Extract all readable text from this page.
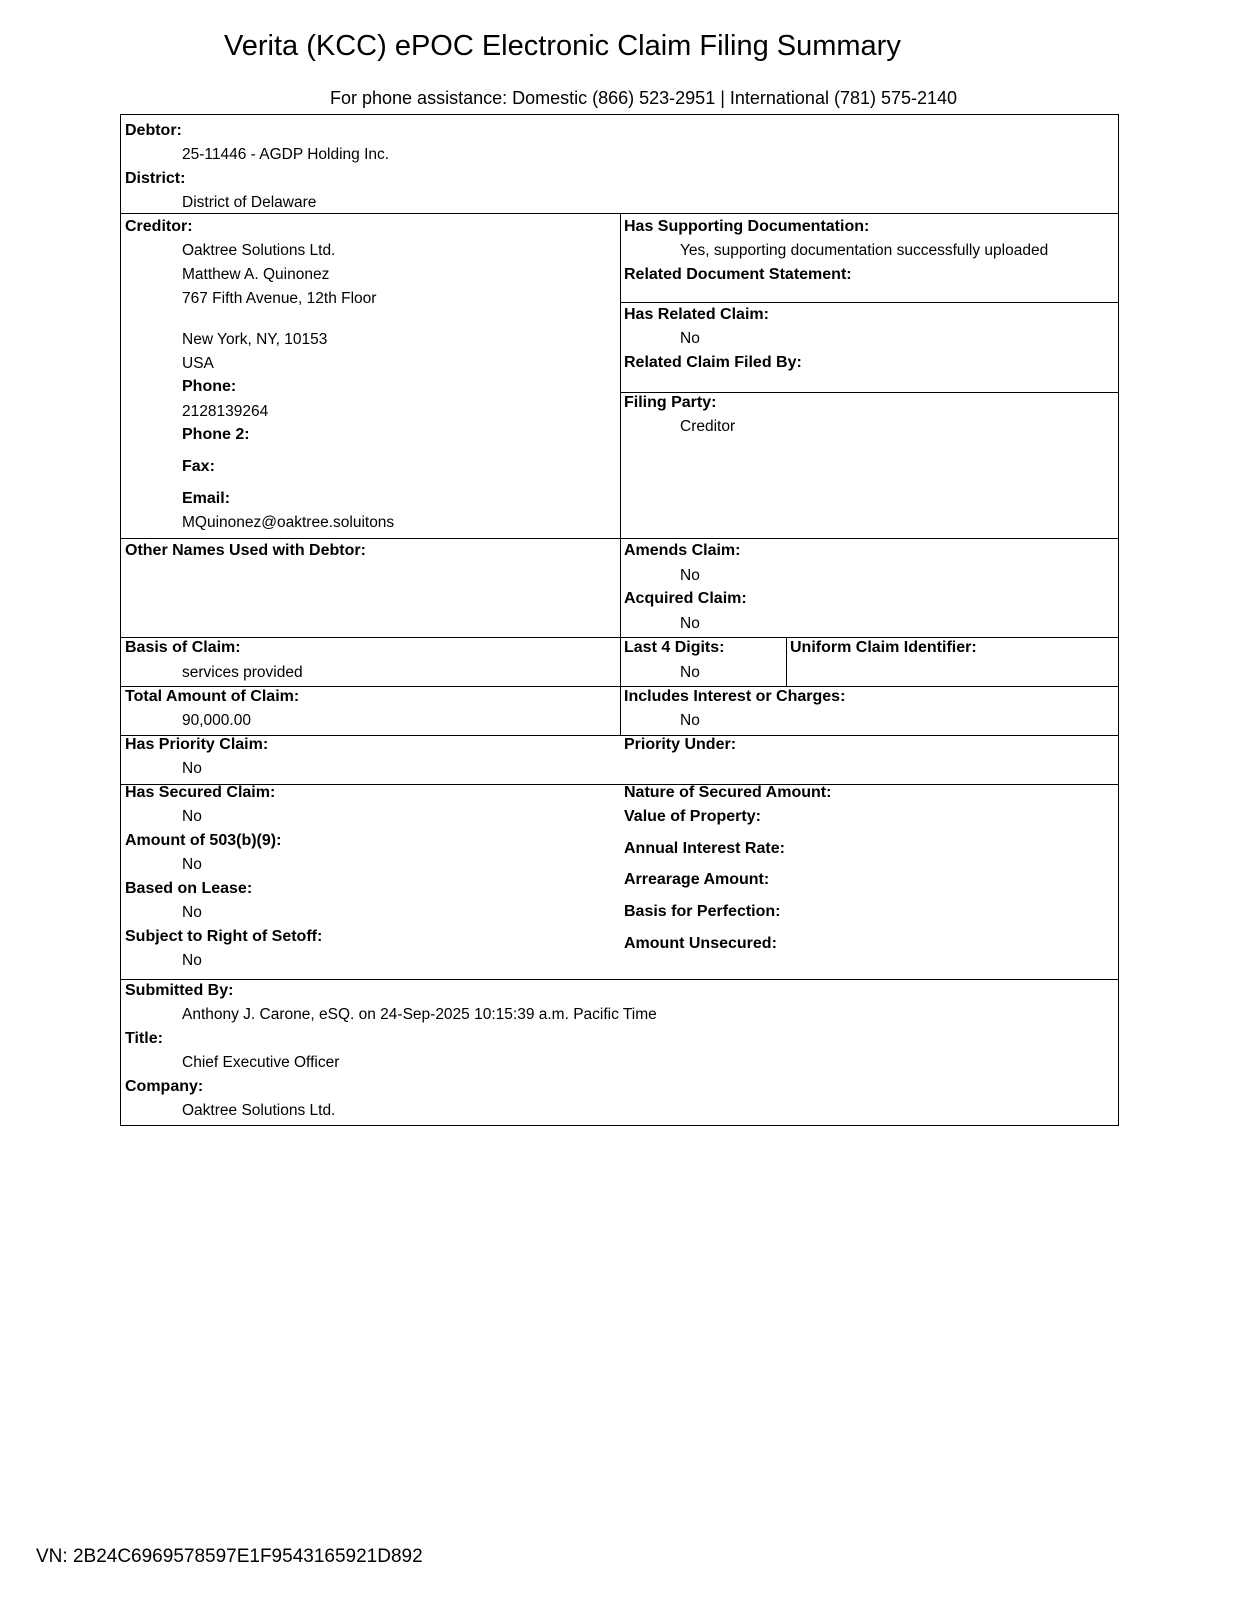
Verita (KCC) ePOC Electronic Claim Filing Summary
For phone assistance: Domestic (866) 523-2951 | International (781) 575-2140
Debtor:
25-11446 - AGDP Holding Inc.
District:
District of Delaware
Creditor:
Oaktree Solutions Ltd.
Matthew A. Quinonez
767 Fifth Avenue, 12th Floor
New York, NY, 10153
USA
Phone:
2128139264
Phone 2:
Fax:
Email:
MQuinonez@oaktree.soluitons
Has Supporting Documentation:
Yes, supporting documentation successfully uploaded
Related Document Statement:
Has Related Claim:
No
Related Claim Filed By:
Filing Party:
Creditor
Other Names Used with Debtor:	Amends Claim:
No
Acquired Claim:
No
Basis of Claim:
services provided
Last 4 Digits:
No
Uniform Claim Identifier:
Total Amount of Claim:
90,000.00
Includes Interest or Charges:
No
Has Priority Claim:
No
Priority Under:
Has Secured Claim:
No
Amount of 503(b)(9):
No
Based on Lease:
No
Subject to Right of Setoff:
No
Nature of Secured Amount:
Value of Property:
Annual Interest Rate:
Arrearage Amount:
Basis for Perfection:
Amount Unsecured:
Submitted By:
Anthony J. Carone, eSQ. on 24-Sep-2025 10:15:39 a.m. Pacific Time
Title:
Chief Executive Officer
Company:
Oaktree Solutions Ltd.
VN: 2B24C6969578597E1F9543165921D892
